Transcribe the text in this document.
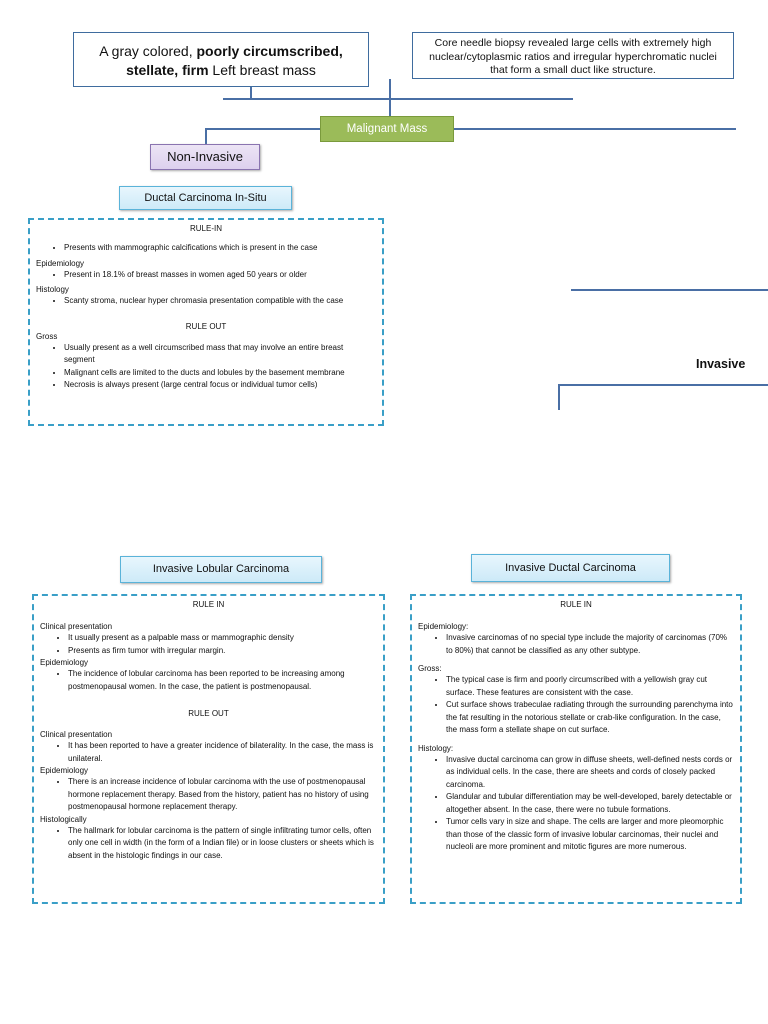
A gray colored, poorly circumscribed, stellate, firm Left breast mass
Core needle biopsy revealed large cells with extremely high nuclear/cytoplasmic ratios and irregular hyperchromatic nuclei that form a small duct like structure.
Malignant Mass
Non-Invasive
Invasive
Ductal Carcinoma In-Situ
RULE-IN
• Presents with mammographic calcifications which is present in the case

Epidemiology

• Present in 18.1% of breast masses in women aged 50 years or older

Histology

• Scanty stroma, nuclear hyper chromasia presentation compatible with the case
RULE OUT

Gross

• Usually present as a well circumscribed mass that may involve an entire breast segment
• Malignant cells are limited to the ducts and lobules by the basement membrane
• Necrosis is always present (large central focus or individual tumor cells)
Invasive Lobular Carcinoma
RULE IN

Clinical presentation

• It usually present as a palpable mass or mammographic density
• Presents as firm tumor with irregular margin.

Epidemiology

• The incidence of lobular carcinoma has been reported to be increasing among postmenopausal women. In the case, the patient is postmenopausal.
RULE OUT

Clinical presentation

• It has been reported to have a greater incidence of bilaterality. In the case, the mass is unilateral.

Epidemiology

• There is an increase incidence of lobular carcinoma with the use of postmenopausal hormone replacement therapy. Based from the history, patient has no history of using postmenopausal hormone replacement therapy.

Histologically

• The hallmark for lobular carcinoma is the pattern of single infiltrating tumor cells, often only one cell in width (in the form of a Indian file) or in loose clusters or sheets which is absent in the histologic findings in our case.
Invasive Ductal Carcinoma
RULE IN

Epidemiology:

• Invasive carcinomas of no special type include the majority of carcinomas (70% to 80%) that cannot be classified as any other subtype.

Gross:

• The typical case is firm and poorly circumscribed with a yellowish gray cut surface. These features are consistent with the case.
• Cut surface shows trabeculae radiating through the surrounding parenchyma into the fat resulting in the notorious stellate or crab-like configuration. In the case, the mass form a stellate shape on cut surface.

Histology:

• Invasive ductal carcinoma can grow in diffuse sheets, well-defined nests cords or as individual cells. In the case, there are sheets and cords of closely packed carcinoma.
• Glandular and tubular differentiation may be well-developed, barely detectable or altogether absent. In the case, there were no tubule formations.
• Tumor cells vary in size and shape. The cells are larger and more pleomorphic than those of the classic form of invasive lobular carcinomas, their nuclei and nucleoli are more prominent and mitotic figures are more numerous.
